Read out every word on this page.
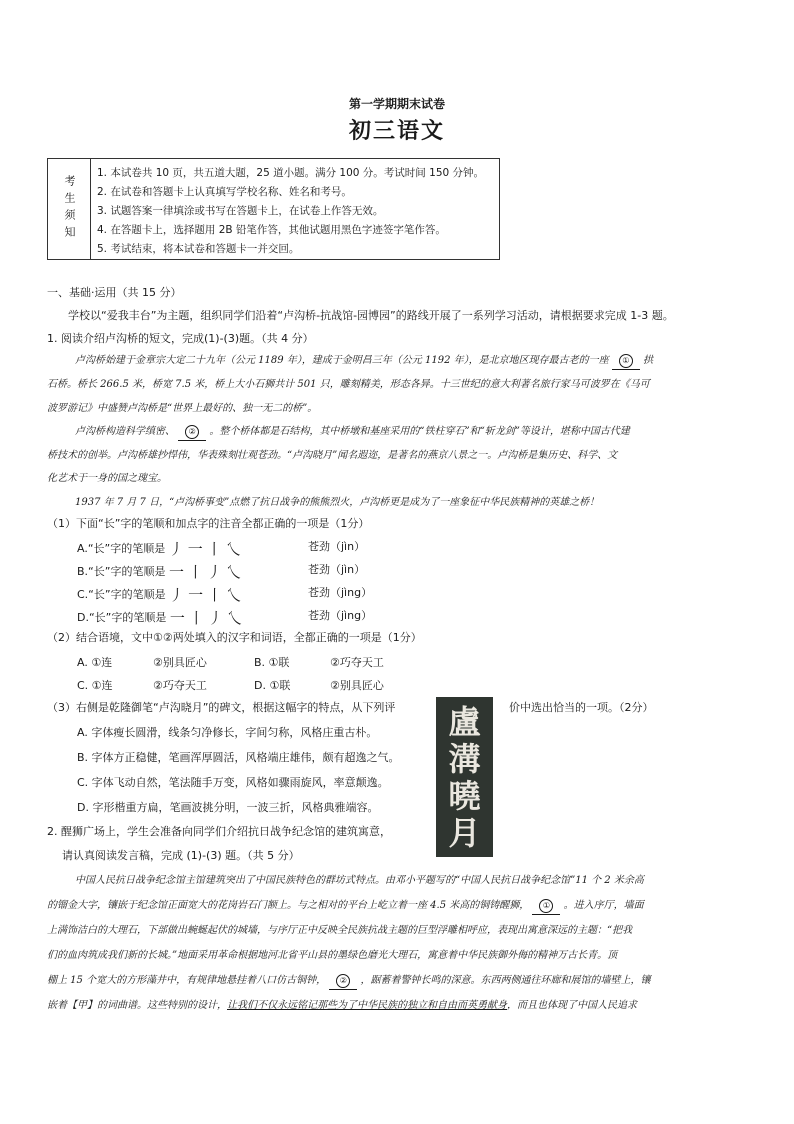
第一学期期末试卷
初三语文
考生须知
1. 本试卷共 10 页，共五道大题，25 道小题。满分 100 分。考试时间 150 分钟。
2. 在试卷和答题卡上认真填写学校名称、姓名和考号。
3. 试题答案一律填涂或书写在答题卡上，在试卷上作答无效。
4. 在答题卡上，选择题用 2B 铅笔作答，其他试题用黑色字迹签字笔作答。
5. 考试结束，将本试卷和答题卡一并交回。
一、基础·运用（共 15 分）
学校以“爱我丰台”为主题，组织同学们沿着“卢沟桥-抗战馆-园博园”的路线开展了一系列学习活动，请根据要求完成 1-3 题。
1. 阅读介绍卢沟桥的短文，完成(1)-(3)题。（共 4 分）
卢沟桥始建于金章宗大定二十九年（公元 1189 年），建成于金明昌三年（公元 1192 年），是北京地区现存最古老的一座 ① 拱
石桥。桥长 266.5 米，桥宽 7.5 米，桥上大小石狮共计 501 只，雕刻精美，形态各异。十三世纪的意大利著名旅行家马可波罗在《马可
波罗游记》中盛赞卢沟桥是“世界上最好的、独一无二的桥”。
卢沟桥构造科学缜密、 ② 。整个桥体都是石结构，其中桥墩和基座采用的“铁柱穿石”和“斩龙剑”等设计，堪称中国古代建
桥技术的创举。卢沟桥雄抄悍伟，华表殊刻壮观苍劲。“卢沟晓月”闻名遐迩，是著名的燕京八景之一。卢沟桥是集历史、科学、文
化艺术于一身的国之瑰宝。
1937 年 7 月 7 日，“卢沟桥事变”点燃了抗日战争的熊熊烈火，卢沟桥更是成为了一座象征中华民族精神的英雄之桥！
（1）下面“长”字的笔顺和加点字的注音全都正确的一项是（1分）
A.“长”字的笔顺是 丿一丨乀	苍劲（jìn）
B.“长”字的笔顺是 一丨丿乀	苍劲（jìn）
C.“长”字的笔顺是 丿一丨乀	苍劲（jìng）
D.“长”字的笔顺是 一丨丿乀	苍劲（jìng）
（2）结合语境，文中①②两处填入的汉字和词语，全都正确的一项是（1分）
A. ①连	②别具匠心	B. ①联	②巧夺天工
C. ①连	②巧夺天工	D. ①联	②别具匠心
（3）右侧是乾隆御笔“卢沟晓月”的碑文，根据这幅字的特点，从下列评	价中选出恰当的一项。（2分）
盧
溝
曉
月
A. 字体瘦长圆滑，线条匀净修长，字间匀称，风格庄重古朴。
B. 字体方正稳健，笔画浑厚圆活，风格端庄雄伟，颇有超逸之气。
C. 字体飞动自然，笔法随手万变，风格如骤雨旋风，率意颠逸。
D. 字形楷重方扁，笔画波挑分明，一波三折，风格典雅端容。
2. 醒狮广场上，学生会准备向同学们介绍抗日战争纪念馆的建筑寓意，
请认真阅读发言稿，完成 (1)-(3) 题。（共 5 分）
中国人民抗日战争纪念馆主馆建筑突出了中国民族特色的群坊式特点。由邓小平题写的“中国人民抗日战争纪念馆”11 个 2 米余高
的镏金大字，镶嵌于纪念馆正面宽大的花岗岩石门额上。与之相对的平台上屹立着一座 4.5 米高的铜铸醒狮， ① 。进入序厅，墙面
上满饰洁白的大理石，下部做出蜿蜒起伏的城墙，与序厅正中反映全民族抗战主题的巨型浮雕相呼应，表现出寓意深远的主题：“把我
们的血肉筑成我们新的长城。”地面采用革命根据地河北省平山县的墨绿色磨光大理石，寓意着中华民族御外侮的精神万古长青。顶
棚上 15 个宽大的方形藻井中，有规律地悬挂着八口仿古铜钟， ② ，踞蓄着警钟长鸣的深意。东西两侧通往环廊和展馆的墙壁上，镶
嵌着【甲】的词曲谱。这些特别的设计，让我们不仅永远铭记那些为了中华民族的独立和自由而英勇献身，而且也体现了中国人民追求
